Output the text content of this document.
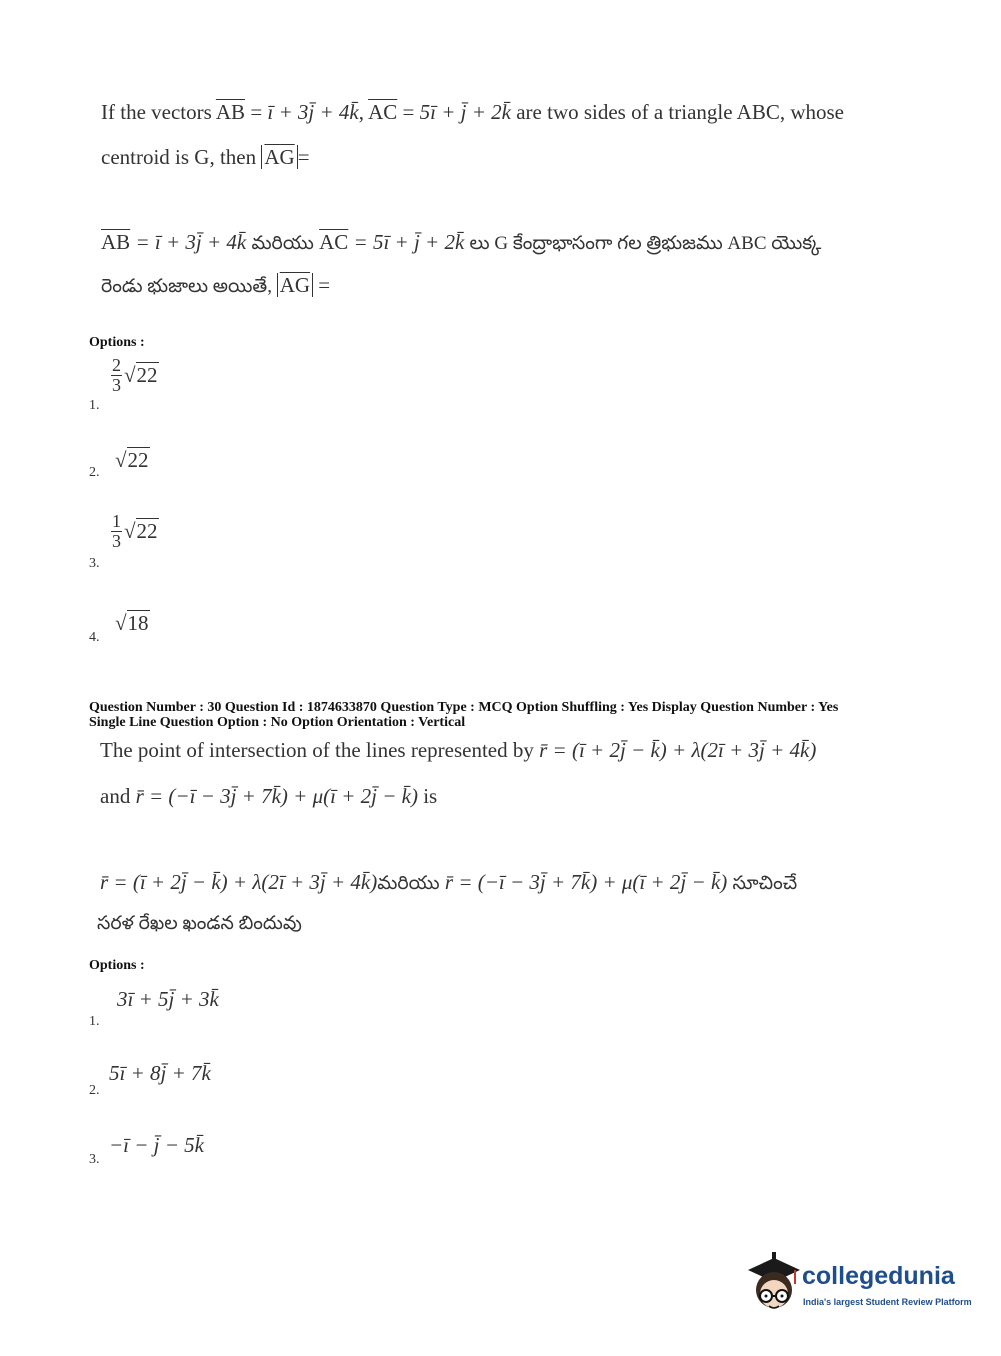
If the vectors $\overline{AB}$ = ī + 3j̄ + 4k̄, $\overline{AC}$ = 5ī + j̄ + 2k̄ are two sides of a triangle ABC, whose
centroid is G, then $\overline{AG}$ =
$\overline{AB}$ = ī + 3j̄ + 4k̄ మరియు $\overline{AC}$ = 5ī + j̄ + 2k̄ లు G కేంద్రాభాసంగా గల త్రిభుజము ABC యొక్క
రెండు భుజాలు అయితే, $\overline{AG}$ =
Options :
1.
$\frac{2}{3} √22$
2.
√22
3.
$\frac{1}{3} √22$
4.
√18
Question Number : 30 Question Id : 1874633870 Question Type : MCQ Option Shuffling : Yes Display Question Number : Yes
Single Line Question Option : No Option Orientation : Vertical
The point of intersection of the lines represented by r̄ = (ī + 2j̄ − k̄) + λ(2ī + 3j̄ + 4k̄)
and r̄ = (−ī − 3j̄ + 7k̄) + μ(ī + 2j̄ − k̄) is
r̄ = (ī + 2j̄ − k̄) + λ(2ī + 3j̄ + 4k̄)మరియు r̄ = (−ī − 3j̄ + 7k̄) + μ(ī + 2j̄ − k̄) సూచించే
సరళ రేఖల ఖండన బిందువు
Options :
1.
3ī + 5j̄ + 3k̄
2.
5ī + 8j̄ + 7k̄
3.
−ī − j̄ − 5k̄
collegedunia
India's largest Student Review Platform
